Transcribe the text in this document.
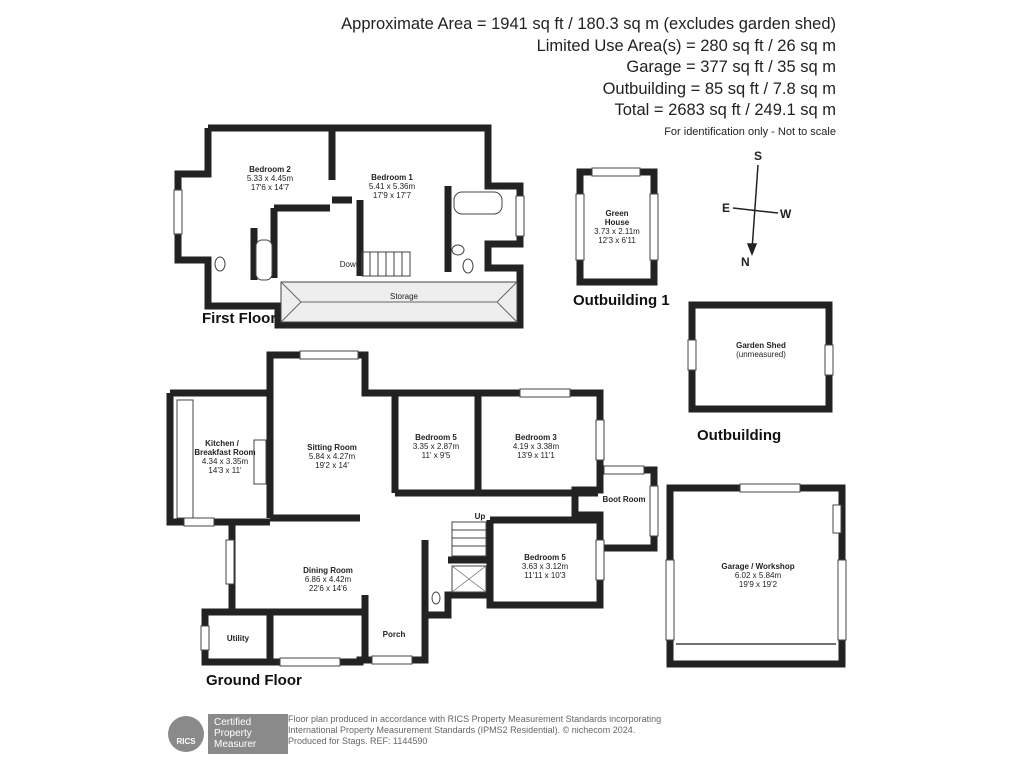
Approximate Area = 1941 sq ft / 180.3 sq m (excludes garden shed)
Limited Use Area(s) = 280 sq ft / 26 sq m
Garage = 377 sq ft / 35 sq m
Outbuilding = 85 sq ft / 7.8 sq m
Total = 2683 sq ft / 249.1 sq m
For identification only - Not to scale
S
W
E
N
Bedroom 2
5.33 x 4.45m
17'6 x 14'7
Bedroom 1
5.41 x 5.36m
17'9 x 17'7
Down
Storage
First Floor
Green
House
3.73 x 2.11m
12'3 x 6'11
Outbuilding 1
Garden Shed
(unmeasured)
Outbuilding
Kitchen /
Breakfast Room
4.34 x 3.35m
14'3 x 11'
Sitting Room
5.84 x 4.27m
19'2 x 14'
Bedroom 5
3.35 x 2.87m
11' x 9'5
Bedroom 3
4.19 x 3.38m
13'9 x 11'1
Boot Room
Up
Bedroom 5
3.63 x 3.12m
11'11 x 10'3
Dining Room
6.86 x 4.42m
22'6 x 14'6
Utility	Porch
Garage / Workshop
6.02 x 5.84m
19'9 x 19'2
Ground Floor
RICS
Certified
Property
Measurer
Floor plan produced in accordance with RICS Property Measurement Standards incorporating
International Property Measurement Standards (IPMS2 Residential). © nichecom 2024.
Produced for Stags. REF: 1144590
